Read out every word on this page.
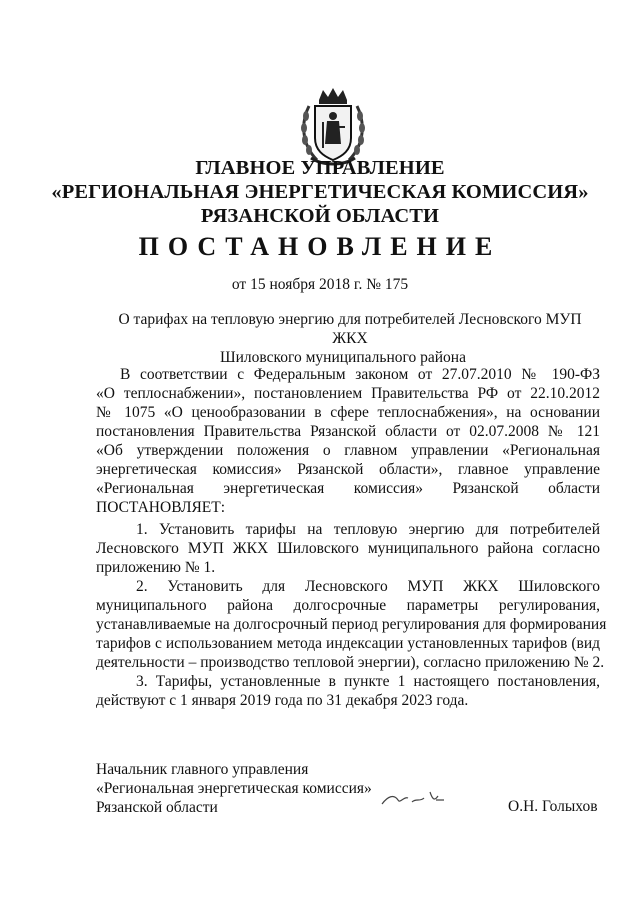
ГЛАВНОЕ УПРАВЛЕНИЕ
«РЕГИОНАЛЬНАЯ ЭНЕРГЕТИЧЕСКАЯ КОМИССИЯ»
РЯЗАНСКОЙ ОБЛАСТИ
ПОСТАНОВЛЕНИЕ
от 15 ноября 2018 г. № 175
О тарифах на тепловую энергию для потребителей Лесновского МУП ЖКХ
Шиловского муниципального района
В соответствии с Федеральным законом от 27.07.2010 № 190-ФЗ
«О теплоснабжении», постановлением Правительства РФ от 22.10.2012
№ 1075 «О ценообразовании в сфере теплоснабжения», на основании
постановления Правительства Рязанской области от 02.07.2008 № 121
«Об утверждении положения о главном управлении «Региональная
энергетическая комиссия» Рязанской области», главное управление
«Региональная энергетическая комиссия» Рязанской области
ПОСТАНОВЛЯЕТ:
1. Установить тарифы на тепловую энергию для потребителей
Лесновского МУП ЖКХ Шиловского муниципального района согласно
приложению № 1.
2. Установить для Лесновского МУП ЖКХ Шиловского
муниципального района долгосрочные параметры регулирования,
устанавливаемые на долгосрочный период регулирования для формирования
тарифов с использованием метода индексации установленных тарифов (вид
деятельности – производство тепловой энергии), согласно приложению № 2.
3. Тарифы, установленные в пункте 1 настоящего постановления,
действуют с 1 января 2019 года по 31 декабря 2023 года.
Начальник главного управления
«Региональная энергетическая комиссия»
Рязанской области	О.Н. Голыхов
